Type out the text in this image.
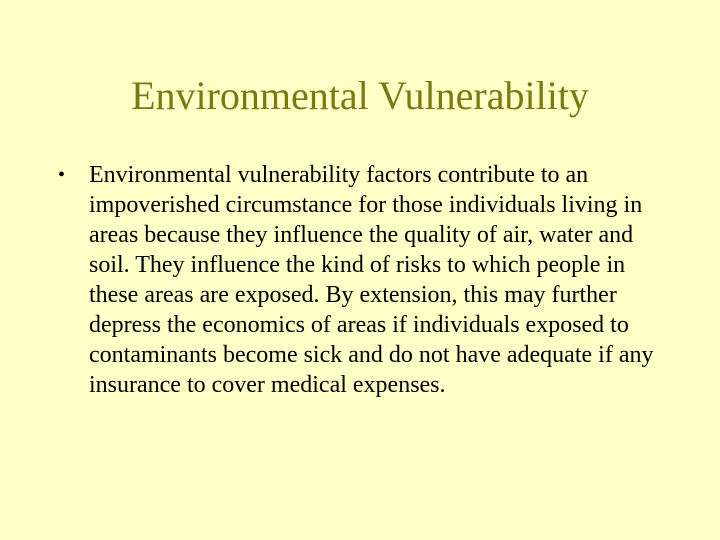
Environmental Vulnerability

• Environmental vulnerability factors contribute to an impoverished circumstance for those individuals living in areas because they influence the quality of air, water and soil. They influence the kind of risks to which people in these areas are exposed. By extension, this may further depress the economics of areas if individuals exposed to contaminants become sick and do not have adequate if any insurance to cover medical expenses.
